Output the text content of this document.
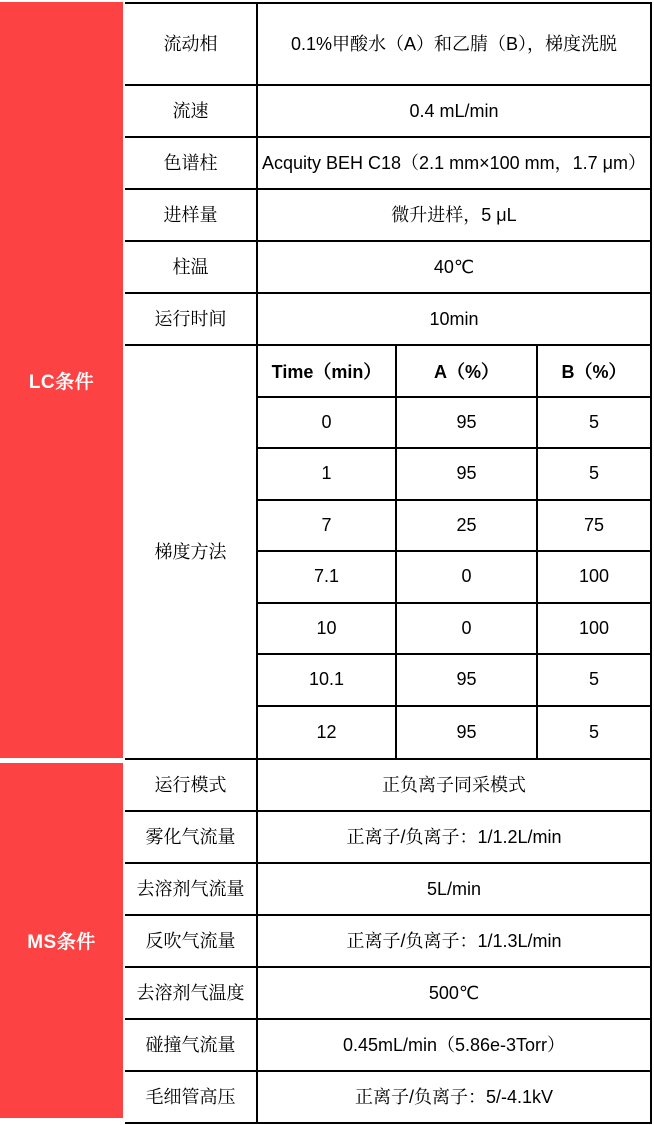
LC条件
MS条件
流动相	0.1%甲酸水（A）和乙腈（B），梯度洗脱
流速	0.4 mL/min
色谱柱	Acquity BEH C18（2.1 mm×100 mm，1.7 μm）
进样量	微升进样，5 μL
柱温	40℃
运行时间	10min
梯度方法
Time（min）	A（%）	B（%）
0	95	5
1	95	5
7	25	75
7.1	0	100
10	0	100
10.1	95	5
12	95	5
运行模式	正负离子同采模式
雾化气流量	正离子/负离子：1/1.2L/min
去溶剂气流量	5L/min
反吹气流量	正离子/负离子：1/1.3L/min
去溶剂气温度	500℃
碰撞气流量	0.45mL/min（5.86e-3Torr）
毛细管高压	正离子/负离子：5/-4.1kV
